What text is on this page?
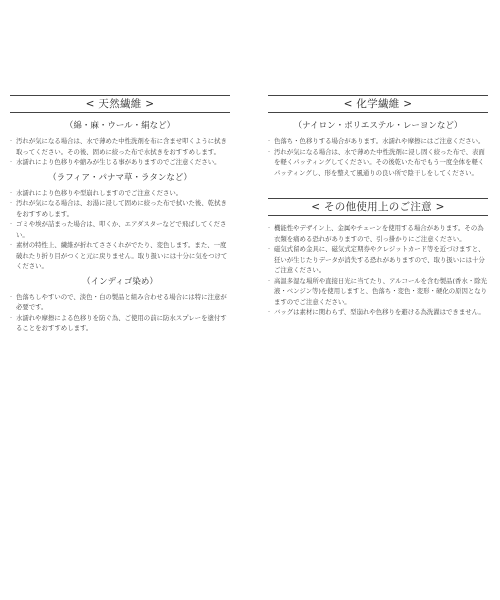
< 天然繊維 >
（綿・麻・ウール・絹など）
· 汚れが気になる場合は、水で薄めた中性洗剤を布に含ませ叩くように拭き取ってください。その後、固めに絞った布で水拭きをおすすめします。
· 水濡れにより色移りや縮みが生じる事がありますのでご注意ください。
（ラフィア・パナマ草・ラタンなど）
· 水濡れにより色移りや型崩れしますのでご注意ください。
· 汚れが気になる場合は、お湯に浸して固めに絞った布で拭いた後、乾拭きをおすすめします。
· ゴミや埃が詰まった場合は、叩くか、エアダスターなどで飛ばしてください。
· 素材の特性上、繊維が折れてささくれがでたり、変色します。また、一度破れたり折り目がつくと元に戻りません。取り扱いには十分に気をつけてください。
（インディゴ染め）
· 色落ちしやすいので、淡色・白の製品と組み合わせる場合には特に注意が必要です。
· 水濡れや摩擦による色移りを防ぐ為、ご使用の前に防水スプレーを塗付することをおすすめします。
< 化学繊維 >
（ナイロン・ポリエステル・レーヨンなど）
· 色落ち・色移りする場合があります。水濡れや摩擦にはご注意ください。
· 汚れが気になる場合は、水で薄めた中性洗剤に浸し固く絞った布で、表面を軽くパッティングしてください。その後乾いた布でもう一度全体を軽くパッティングし、形を整えて風通りの良い所で陰干しをしてください。
< その他使用上のご注意 >
· 機能性やデザイン上、金属やチェーンを使用する場合があります。その為衣類を痛める恐れがありますので、引っ掛かりにご注意ください。
· 磁気式留め金具に、磁気式定期券やクレジットカード等を近づけますと、狂いが生じたりデータが消失する恐れがありますので、取り扱いには十分ご注意ください。
· 高温多湿な場所や直接日光に当てたり、アルコールを含む製品(香水・除光液・ベンジン等)を使用しますと、色落ち・変色・変形・硬化の原因となりますのでご注意ください。
· バッグは素材に関わらず、型崩れや色移りを避ける為洗濯はできません。
